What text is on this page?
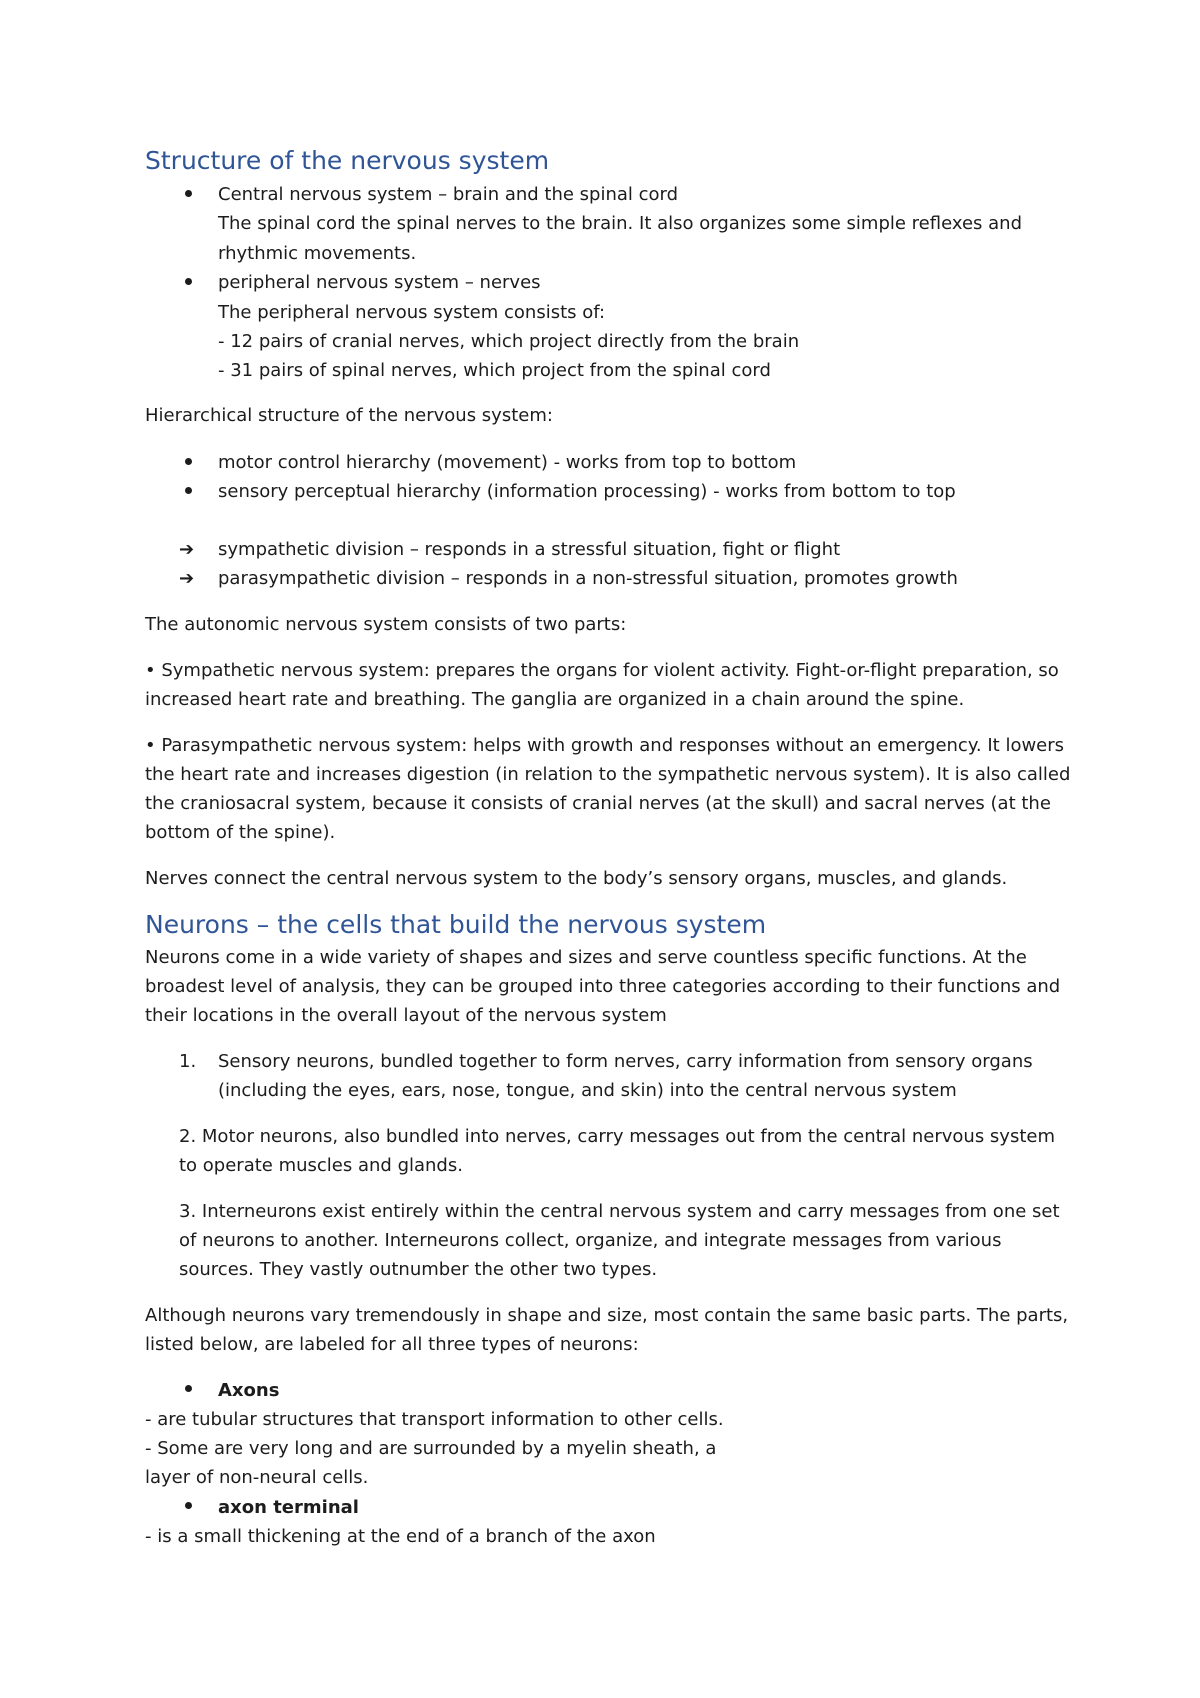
Structure of the nervous system
Central nervous system – brain and the spinal cord
The spinal cord the spinal nerves to the brain. It also organizes some simple reflexes and
rhythmic movements.
peripheral nervous system – nerves
The peripheral nervous system consists of:
- 12 pairs of cranial nerves, which project directly from the brain
- 31 pairs of spinal nerves, which project from the spinal cord
Hierarchical structure of the nervous system:
motor control hierarchy (movement) - works from top to bottom
sensory perceptual hierarchy (information processing) - works from bottom to top
➔ sympathetic division – responds in a stressful situation, fight or flight
➔ parasympathetic division – responds in a non-stressful situation, promotes growth
The autonomic nervous system consists of two parts:
• Sympathetic nervous system: prepares the organs for violent activity. Fight-or-flight preparation, so
increased heart rate and breathing. The ganglia are organized in a chain around the spine.
• Parasympathetic nervous system: helps with growth and responses without an emergency. It lowers
the heart rate and increases digestion (in relation to the sympathetic nervous system). It is also called
the craniosacral system, because it consists of cranial nerves (at the skull) and sacral nerves (at the
bottom of the spine).
Nerves connect the central nervous system to the body’s sensory organs, muscles, and glands.
Neurons – the cells that build the nervous system
Neurons come in a wide variety of shapes and sizes and serve countless specific functions. At the
broadest level of analysis, they can be grouped into three categories according to their functions and
their locations in the overall layout of the nervous system
1. Sensory neurons, bundled together to form nerves, carry information from sensory organs
(including the eyes, ears, nose, tongue, and skin) into the central nervous system
2. Motor neurons, also bundled into nerves, carry messages out from the central nervous system
to operate muscles and glands.
3. Interneurons exist entirely within the central nervous system and carry messages from one set
of neurons to another. Interneurons collect, organize, and integrate messages from various
sources. They vastly outnumber the other two types.
Although neurons vary tremendously in shape and size, most contain the same basic parts. The parts,
listed below, are labeled for all three types of neurons:
Axons
- are tubular structures that transport information to other cells.
- Some are very long and are surrounded by a myelin sheath, a
layer of non-neural cells.
axon terminal
- is a small thickening at the end of a branch of the axon
